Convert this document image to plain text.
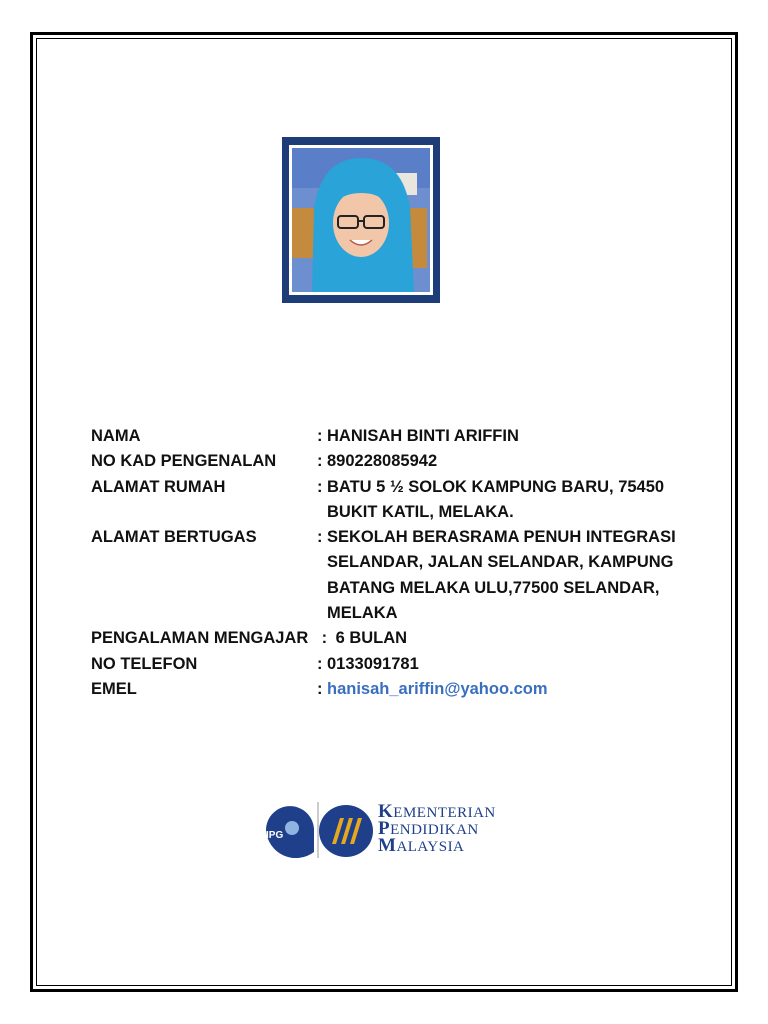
NAMA	: HANISAH BINTI ARIFFIN
NO KAD PENGENALAN	: 890228085942
ALAMAT RUMAH	: BATU 5 ½ SOLOK KAMPUNG BARU, 75450
BUKIT KATIL, MELAKA.
ALAMAT BERTUGAS	: SEKOLAH BERASRAMA PENUH INTEGRASI
SELANDAR, JALAN SELANDAR, KAMPUNG
BATANG MELAKA ULU,77500 SELANDAR,
MELAKA
PENGALAMAN MENGAJAR : 6 BULAN
NO TELEFON	: 0133091781
EMEL	: hanisah_ariffin@yahoo.com
IPG
KEMENTERIAN
PENDIDIKAN
MALAYSIA
